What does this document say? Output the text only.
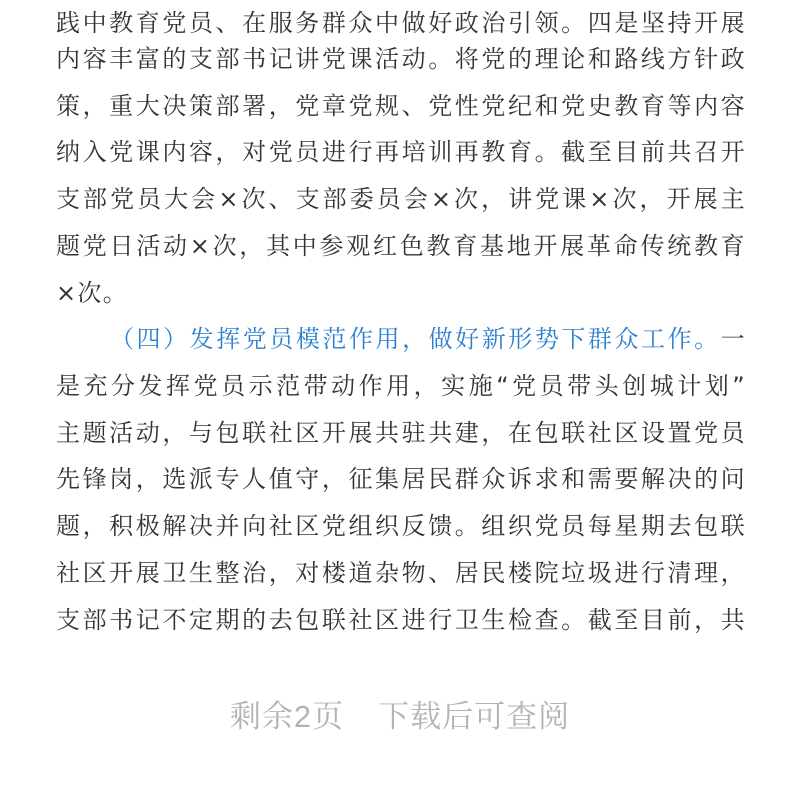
践中教育党员、在服务群众中做好政治引领。四是坚持开展
内容丰富的支部书记讲党课活动。将党的理论和路线方针政
策，重大决策部署，党章党规、党性党纪和党史教育等内容
纳入党课内容，对党员进行再培训再教育。截至目前共召开
支部党员大会×次、支部委员会×次，讲党课×次，开展主
题党日活动×次，其中参观红色教育基地开展革命传统教育
×次。
（四）发挥党员模范作用，做好新形势下群众工作。一
是充分发挥党员示范带动作用，实施“党员带头创城计划”
主题活动，与包联社区开展共驻共建，在包联社区设置党员
先锋岗，选派专人值守，征集居民群众诉求和需要解决的问
题，积极解决并向社区党组织反馈。组织党员每星期去包联
社区开展卫生整治，对楼道杂物、居民楼院垃圾进行清理，
支部书记不定期的去包联社区进行卫生检查。截至目前，共
剩余2页 下载后可查阅
